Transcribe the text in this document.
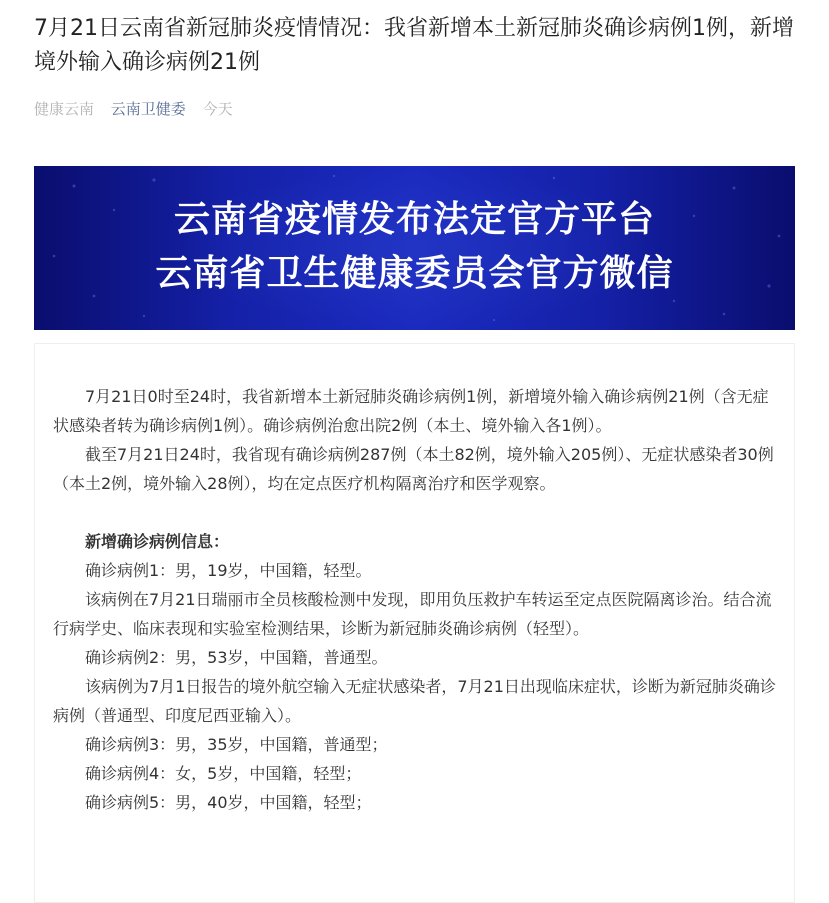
7月21日云南省新冠肺炎疫情情况：我省新增本土新冠肺炎确诊病例1例，新增境外输入确诊病例21例
健康云南 云南卫健委 今天
云南省疫情发布法定官方平台
云南省卫生健康委员会官方微信

7月21日0时至24时，我省新增本土新冠肺炎确诊病例1例，新增境外输入确诊病例21例（含无症状感染者转为确诊病例1例）。确诊病例治愈出院2例（本土、境外输入各1例）。

截至7月21日24时，我省现有确诊病例287例（本土82例，境外输入205例）、无症状感染者30例（本土2例，境外输入28例），均在定点医疗机构隔离治疗和医学观察。

新增确诊病例信息：

确诊病例1：男，19岁，中国籍，轻型。

该病例在7月21日瑞丽市全员核酸检测中发现，即用负压救护车转运至定点医院隔离诊治。结合流行病学史、临床表现和实验室检测结果，诊断为新冠肺炎确诊病例（轻型）。

确诊病例2：男，53岁，中国籍，普通型。

该病例为7月1日报告的境外航空输入无症状感染者，7月21日出现临床症状，诊断为新冠肺炎确诊病例（普通型、印度尼西亚输入）。

确诊病例3：男，35岁，中国籍，普通型；

确诊病例4：女，5岁，中国籍，轻型；

确诊病例5：男，40岁，中国籍，轻型；
